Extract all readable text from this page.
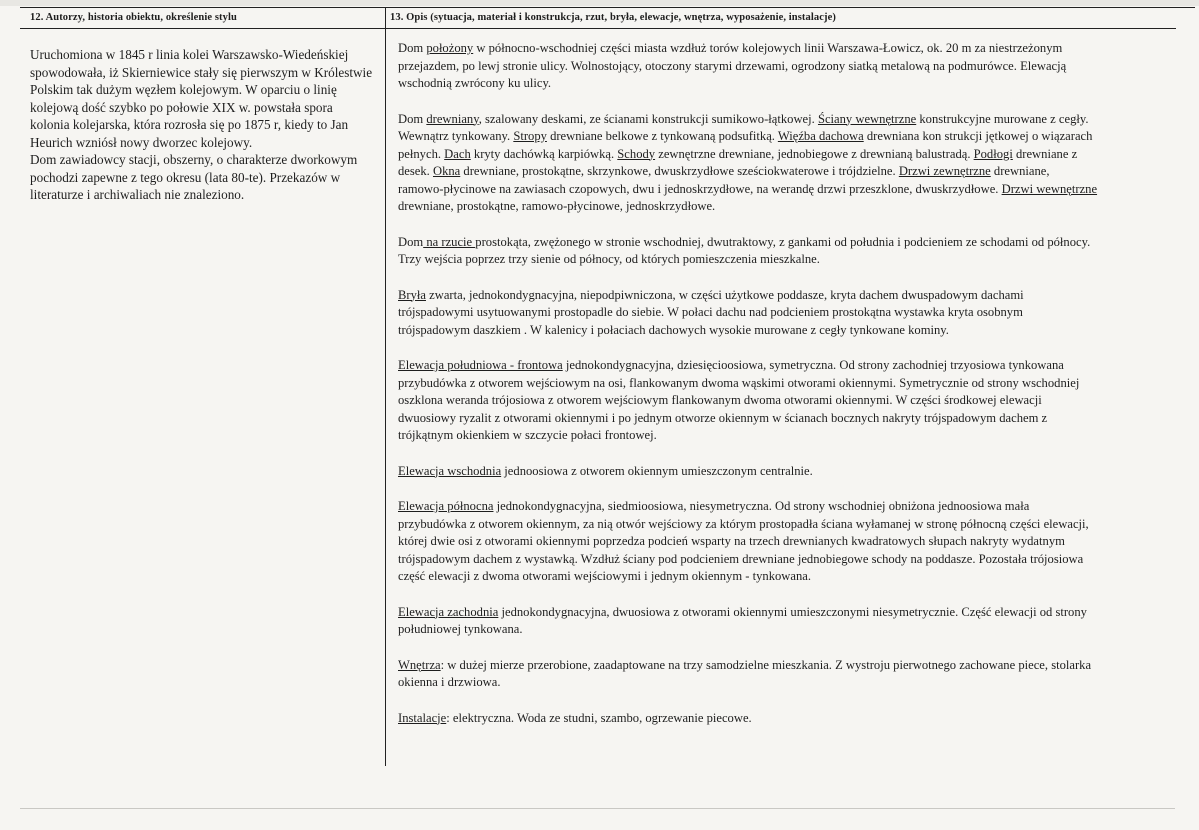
12. Autorzy, historia obiektu, określenie stylu	13. Opis (sytuacja, materiał i konstrukcja, rzut, bryła, elewacje, wnętrza, wyposażenie, instalacje)

Uruchomiona w 1845 r linia kolei Warszawsko-Wiedeńskiej spowodowała, iż Skierniewice stały się pierwszym w Królestwie Polskim tak dużym węzłem kolejowym. W oparciu o linię kolejową dość szybko po połowie XIX w. powstała spora kolonia kolejarska, która rozrosła się po 1875 r, kiedy to Jan Heurich wzniósł nowy dworzec kolejowy.

Dom zawiadowcy stacji, obszerny, o charakterze dworkowym pochodzi zapewne z tego okresu (lata 80-te). Przekazów w literaturze i archiwaliach nie znaleziono.

Dom położony w północno-wschodniej części miasta wzdłuż torów kolejowych linii Warszawa-Łowicz, ok. 20 m za niestrzeżonym przejazdem, po lewj stronie ulicy. Wolnostojący, otoczony starymi drzewami, ogrodzony siatką metalową na podmurówce. Elewacją wschodnią zwrócony ku ulicy.

Dom drewniany, szalowany deskami, ze ścianami konstrukcji sumikowo-łątkowej. Ściany wewnętrzne konstrukcyjne murowane z cegły. Wewnątrz tynkowany. Stropy drewniane belkowe z tynkowaną podsufitką. Więźba dachowa drewniana kon strukcji jętkowej o wiązarach pełnych. Dach kryty dachówką karpiówką. Schody zewnętrzne drewniane, jednobiegowe z drewnianą balustradą. Podłogi drewniane z desek. Okna drewniane, prostokątne, skrzynkowe, dwuskrzydłowe sześciokwaterowe i trójdzielne. Drzwi zewnętrzne drewniane, ramowo-płycinowe na zawiasach czopowych, dwu i jednoskrzydłowe, na werandę drzwi przeszklone, dwuskrzydłowe. Drzwi wewnętrzne drewniane, prostokątne, ramowo-płycinowe, jednoskrzydłowe.

Dom na rzucie prostokąta, zwężonego w stronie wschodniej, dwutraktowy, z gankami od południa i podcieniem ze schodami od północy. Trzy wejścia poprzez trzy sienie od północy, od których pomieszczenia mieszkalne.

Bryła zwarta, jednokondygnacyjna, niepodpiwniczona, w części użytkowe poddasze, kryta dachem dwuspadowym dachami trójspadowymi usytuowanymi prostopadle do siebie. W połaci dachu nad podcieniem prostokątna wystawka kryta osobnym trójspadowym daszkiem . W kalenicy i połaciach dachowych wysokie murowane z cegły tynkowane kominy.

Elewacja południowa - frontowa jednokondygnacyjna, dziesięcioosiowa, symetryczna. Od strony zachodniej trzyosiowa tynkowana przybudówka z otworem wejściowym na osi, flankowanym dwoma wąskimi otworami okiennymi. Symetrycznie od strony wschodniej oszklona weranda trójosiowa z otworem wejściowym flankowanym dwoma otworami okiennymi. W części środkowej elewacji dwuosiowy ryzalit z otworami okiennymi i po jednym otworze okiennym w ścianach bocznych nakryty trójspadowym dachem z trójkątnym okienkiem w szczycie połaci frontowej.

Elewacja wschodnia jednoosiowa z otworem okiennym umieszczonym centralnie.

Elewacja północna jednokondygnacyjna, siedmioosiowa, niesymetryczna. Od strony wschodniej obniżona jednoosiowa mała przybudówka z otworem okiennym, za nią otwór wejściowy za którym prostopadła ściana wyłamanej w stronę północną części elewacji, której dwie osi z otworami okiennymi poprzedza podcień wsparty na trzech drewnianych kwadratowych słupach nakryty wydatnym trójspadowym dachem z wystawką. Wzdłuż ściany pod podcieniem drewniane jednobiegowe schody na poddasze. Pozostała trójosiowa część elewacji z dwoma otworami wejściowymi i jednym okiennym - tynkowana.

Elewacja zachodnia jednokondygnacyjna, dwuosiowa z otworami okiennymi umieszczonymi niesymetrycznie. Część elewacji od strony południowej tynkowana.

Wnętrza: w dużej mierze przerobione, zaadaptowane na trzy samodzielne mieszkania. Z wystroju pierwotnego zachowane piece, stolarka okienna i drzwiowa.

Instalacje: elektryczna. Woda ze studni, szambo, ogrzewanie piecowe.
